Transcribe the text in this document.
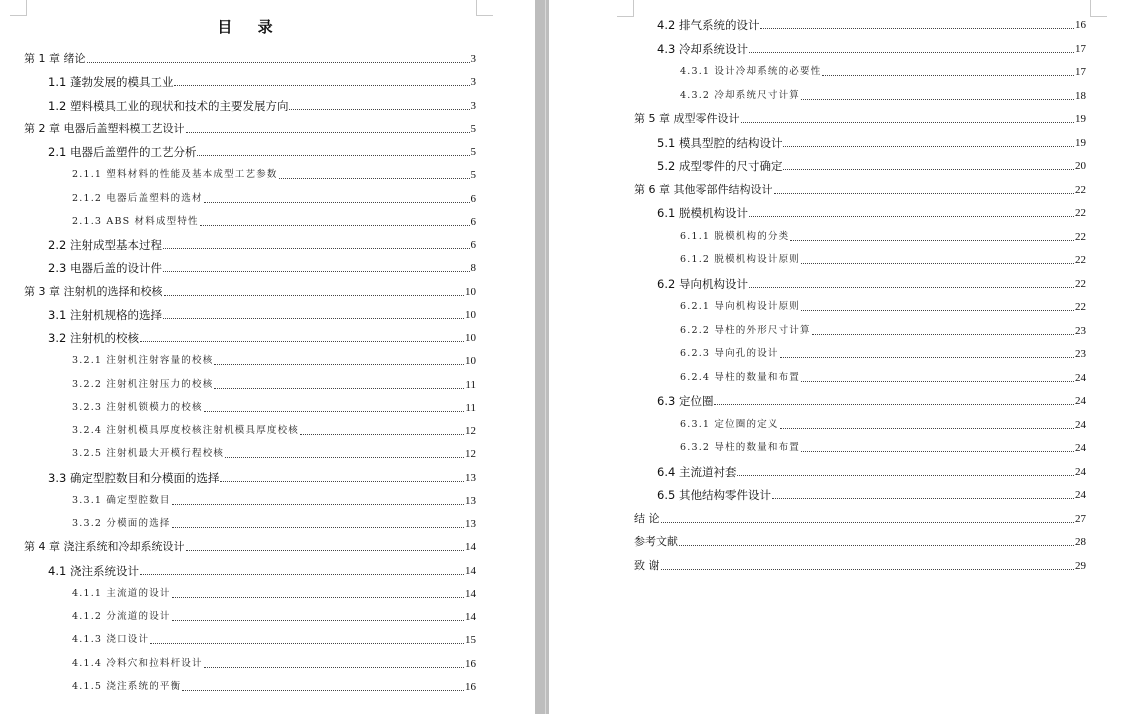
目 录
第 1 章 绪论	3
1.1 蓬勃发展的模具工业	3
1.2 塑料模具工业的现状和技术的主要发展方向	3
第 2 章 电器后盖塑料模工艺设计	5
2.1 电器后盖塑件的工艺分析	5
2.1.1 塑料材料的性能及基本成型工艺参数	5
2.1.2 电器后盖塑料的选材	6
2.1.3 ABS 材料成型特性	6
2.2 注射成型基本过程	6
2.3 电器后盖的设计件	8
第 3 章 注射机的选择和校核	10
3.1 注射机规格的选择	10
3.2 注射机的校核	10
3.2.1 注射机注射容量的校核	10
3.2.2 注射机注射压力的校核	11
3.2.3 注射机锁模力的校核	11
3.2.4 注射机模具厚度校核注射机模具厚度校核	12
3.2.5 注射机最大开模行程校核	12
3.3 确定型腔数目和分模面的选择	13
3.3.1 确定型腔数目	13
3.3.2 分模面的选择	13
第 4 章 浇注系统和冷却系统设计	14
4.1 浇注系统设计	14
4.1.1 主流道的设计	14
4.1.2 分流道的设计	14
4.1.3 浇口设计	15
4.1.4 冷料穴和拉料杆设计	16
4.1.5 浇注系统的平衡	16
4.2 排气系统的设计	16
4.3 冷却系统设计	17
4.3.1 设计冷却系统的必要性	17
4.3.2 冷却系统尺寸计算	18
第 5 章 成型零件设计	19
5.1 模具型腔的结构设计	19
5.2 成型零件的尺寸确定	20
第 6 章 其他零部件结构设计	22
6.1 脱模机构设计	22
6.1.1 脱模机构的分类	22
6.1.2 脱模机构设计原则	22
6.2 导向机构设计	22
6.2.1 导向机构设计原则	22
6.2.2 导柱的外形尺寸计算	23
6.2.3 导向孔的设计	23
6.2.4 导柱的数量和布置	24
6.3 定位圈	24
6.3.1 定位圈的定义	24
6.3.2 导柱的数量和布置	24
6.4 主流道衬套	24
6.5 其他结构零件设计	24
结 论	27
参考文献	28
致 谢	29
